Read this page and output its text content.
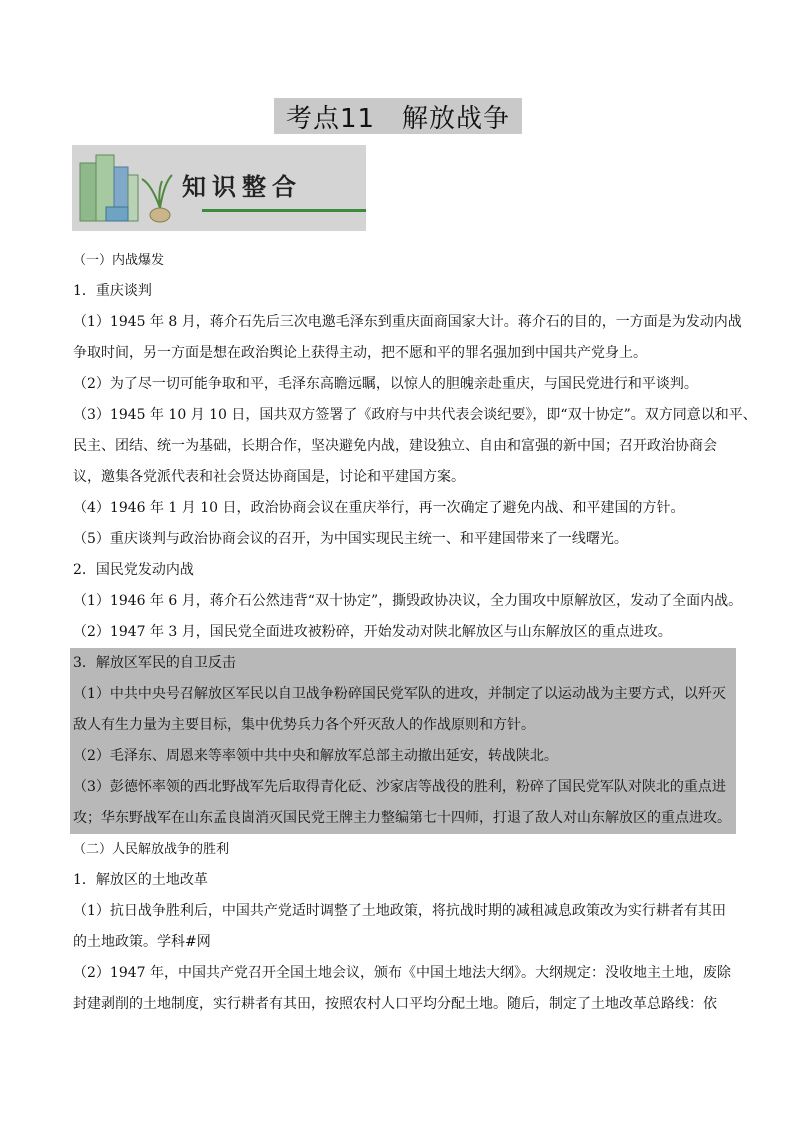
考点11　解放战争
知识整合
（一）内战爆发
1．重庆谈判
（1）1945 年 8 月，蒋介石先后三次电邀毛泽东到重庆面商国家大计。蒋介石的目的，一方面是为发动内战
争取时间，另一方面是想在政治舆论上获得主动，把不愿和平的罪名强加到中国共产党身上。
（2）为了尽一切可能争取和平，毛泽东高瞻远瞩，以惊人的胆魄亲赴重庆，与国民党进行和平谈判。
（3）1945 年 10 月 10 日，国共双方签署了《政府与中共代表会谈纪要》，即“双十协定”。双方同意以和平、
民主、团结、统一为基础，长期合作，坚决避免内战，建设独立、自由和富强的新中国；召开政治协商会
议，邀集各党派代表和社会贤达协商国是，讨论和平建国方案。
（4）1946 年 1 月 10 日，政治协商会议在重庆举行，再一次确定了避免内战、和平建国的方针。
（5）重庆谈判与政治协商会议的召开，为中国实现民主统一、和平建国带来了一线曙光。
2．国民党发动内战
（1）1946 年 6 月，蒋介石公然违背“双十协定”，撕毁政协决议，全力围攻中原解放区，发动了全面内战。
（2）1947 年 3 月，国民党全面进攻被粉碎，开始发动对陕北解放区与山东解放区的重点进攻。
3．解放区军民的自卫反击
（1）中共中央号召解放区军民以自卫战争粉碎国民党军队的进攻，并制定了以运动战为主要方式，以歼灭
敌人有生力量为主要目标，集中优势兵力各个歼灭敌人的作战原则和方针。
（2）毛泽东、周恩来等率领中共中央和解放军总部主动撤出延安，转战陕北。
（3）彭德怀率领的西北野战军先后取得青化砭、沙家店等战役的胜利，粉碎了国民党军队对陕北的重点进
攻；华东野战军在山东孟良崮消灭国民党王牌主力整编第七十四师，打退了敌人对山东解放区的重点进攻。
（二）人民解放战争的胜利
1．解放区的土地改革
（1）抗日战争胜利后，中国共产党适时调整了土地政策，将抗战时期的减租减息政策改为实行耕者有其田
的土地政策。学科#网
（2）1947 年，中国共产党召开全国土地会议，颁布《中国土地法大纲》。大纲规定：没收地主土地，废除
封建剥削的土地制度，实行耕者有其田，按照农村人口平均分配土地。随后，制定了土地改革总路线：依
